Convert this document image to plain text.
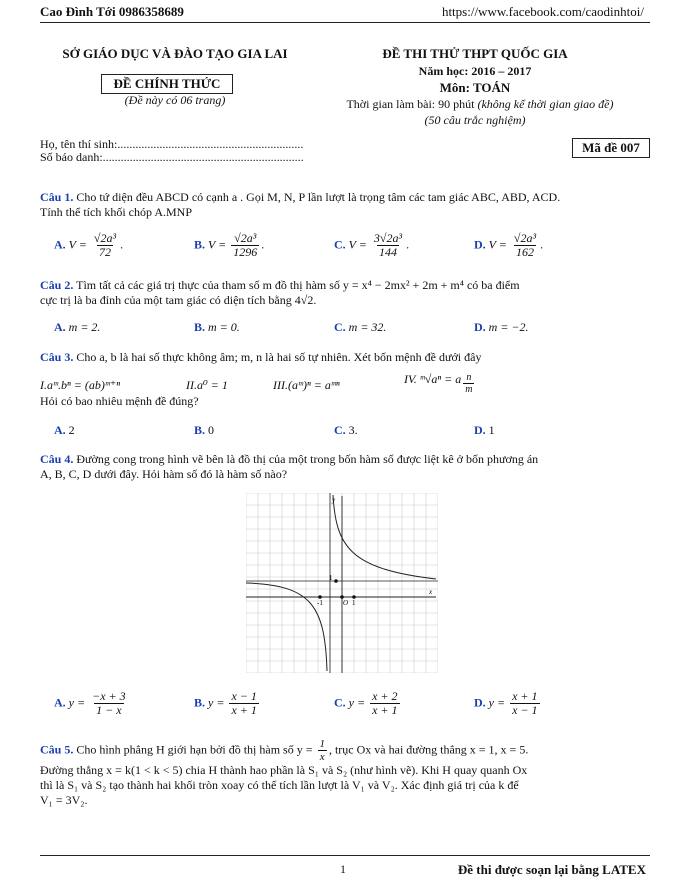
Cao Đình Tới 0986358689	https://www.facebook.com/caodinhtoi/
SỞ GIÁO DỤC VÀ ĐÀO TẠO GIA LAI
ĐỀ CHÍNH THỨC
(Đề này có 06 trang)
ĐỀ THI THỬ THPT QUỐC GIA
Năm học: 2016 – 2017
Môn: TOÁN
Thời gian làm bài: 90 phút (không kể thời gian giao đề)
(50 câu trắc nghiệm)
Họ, tên thí sinh:..............................................................
Số báo danh:...................................................................
Mã đề 007
Câu 1. Cho tứ diện đều ABCD có cạnh a . Gọi M, N, P lần lượt là trọng tâm các tam giác ABC, ABD, ACD.
Tính thể tích khối chóp A.MNP
A. $V = \frac{\text{√2a³}}{72}$ .	B. $V = \frac{\text{√2a³}}{1296}$ .	C. $V = \frac{\text{3√2a³}}{144}$ .	D. $V = \frac{\text{√2a³}}{162}$ .
Câu 2. Tìm tất cả các giá trị thực của tham số m đồ thị hàm số y = x⁴ − 2mx² + 2m + m⁴ có ba điểm
cực trị là ba đỉnh của một tam giác có diện tích bằng 4√2.
A. m = 2.	B. m = 0.	C. m = 32.	D. m = −2.
Câu 3. Cho a, b là hai số thực không âm; m, n là hai số tự nhiên. Xét bốn mệnh đề dưới đây
I.aᵐ.bⁿ = (ab)ᵐ⁺ⁿ	II.a⁰ = 1	III.(aᵐ)ⁿ = aᵐⁿ	IV. ᵐ√aⁿ = a $\frac{n}{m}$
Hỏi có bao nhiêu mệnh đề đúng?
A. 2	B. 0	C. 3.	D. 1
Câu 4. Đường cong trong hình vẽ bên là đồ thị của một trong bốn hàm số được liệt kê ở bốn phương án
A, B, C, D dưới đây. Hỏi hàm số đó là hàm số nào?
y
x
1
-1	O 1
A. $y = \frac{-x + 3}{1 - x}$	B. $y = \frac{x - 1}{x + 1}$	C. $y = \frac{x + 2}{x + 1}$	D. $y = \frac{x + 1}{x - 1}$
Câu 5. Cho hình phẳng H giới hạn bởi đồ thị hàm số $y = \frac{1}{x}$ , trục Ox và hai đường thẳng x = 1, x = 5.
Đường thẳng x = k(1 < k < 5) chia H thành hao phần là S₁ và S₂ (như hình vẽ). Khi H quay quanh Ox
thì là S₁ và S₂ tạo thành hai khối tròn xoay có thể tích lần lượt là V₁ và V₂. Xác định giá trị của k để
V₁ = 3V₂.
1	Đề thi được soạn lại bằng LATEX
